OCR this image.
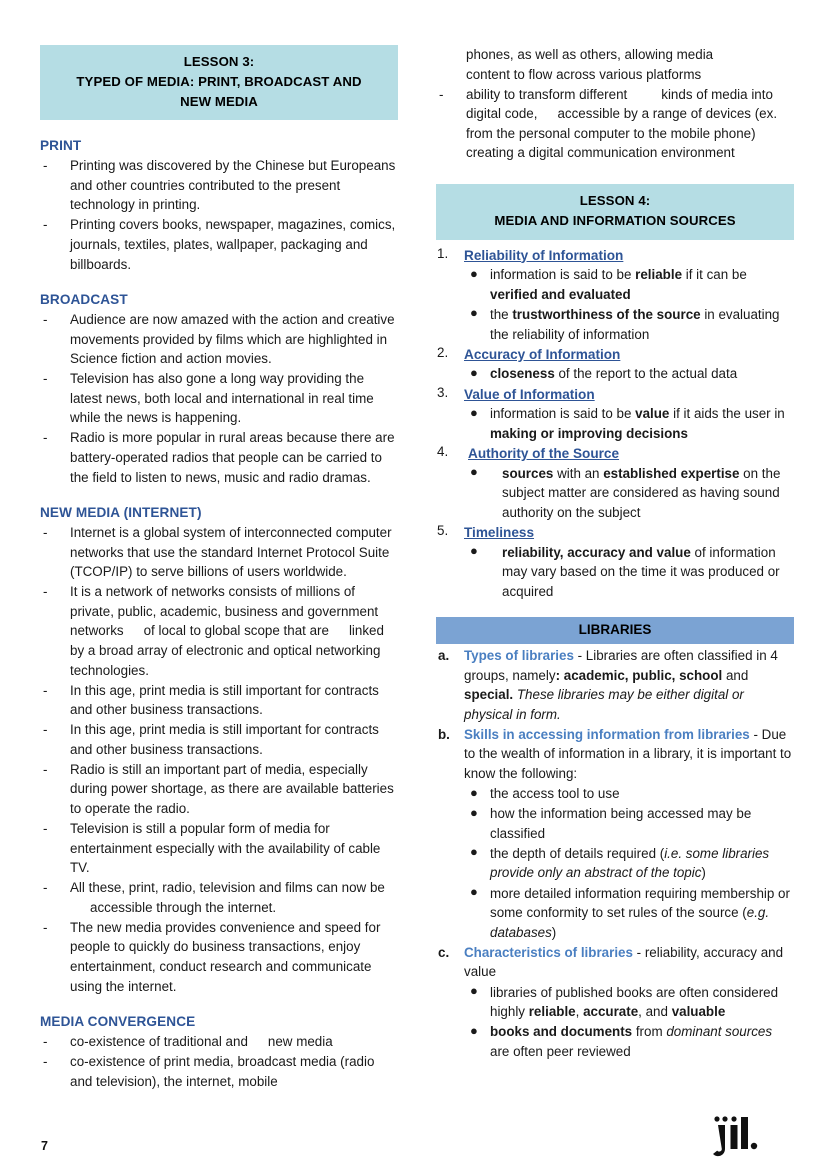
LESSON 3:
TYPED OF MEDIA: PRINT, BROADCAST AND
NEW MEDIA
PRINT
- Printing was discovered by the Chinese but Europeans and other countries contributed to the present technology in printing.
- Printing covers books, newspaper, magazines, comics, journals, textiles, plates, wallpaper, packaging and billboards.
BROADCAST
- Audience are now amazed with the action and creative movements provided by films which are highlighted in Science fiction and action movies.
- Television has also gone a long way providing the latest news, both local and international in real time while the news is happening.
- Radio is more popular in rural areas because there are battery-operated radios that people can be carried to the field to listen to news, music and radio dramas.
NEW MEDIA (INTERNET)
- Internet is a global system of interconnected computer networks that use the standard Internet Protocol Suite (TCOP/IP) to serve billions of users worldwide.
- It is a network of networks consists of millions of private, public, academic, business and government networks of local to global scope that are linked by a broad array of electronic and optical networking technologies.
- In this age, print media is still important for contracts and other business transactions.
- In this age, print media is still important for contracts and other business transactions.
- Radio is still an important part of media, especially during power shortage, as there are available batteries to operate the radio.
- Television is still a popular form of media for entertainment especially with the availability of cable TV.
- All these, print, radio, television and films can now beaccessible through the internet.
- The new media provides convenience and speed for people to quickly do business transactions, enjoy entertainment, conduct research and communicate using the internet.
MEDIA CONVERGENCE
- co-existence of traditional and new media
- co-existence of print media, broadcast media (radio and television), the internet, mobile
phones, as well as others, allowing media
content to flow across various platforms
- ability to transform different	kinds of media into digital code, accessible by a range of devices (ex. from the personal computer to the mobile phone) creating a digital communication environment
LESSON 4:
MEDIA AND INFORMATION SOURCES
1. Reliability of Information
● information is said to be reliable if it can be verified and evaluated
● the trustworthiness of the source in evaluating the reliability of information
2. Accuracy of Information
● closeness of the report to the actual data
3. Value of Information
● information is said to be value if it aids the user in making or improving decisions
4. Authority of the Source
● sources with an established expertise on the subject matter are considered as having sound authority on the subject
5. Timeliness
● reliability, accuracy and value of information may vary based on the time it was produced or acquired
LIBRARIES
a. Types of libraries - Libraries are often classified in 4 groups, namely: academic, public, school and special. These libraries may be either digital or physical in form.
b. Skills in accessing information from libraries - Due to the wealth of information in a library, it is important to know the following:
● the access tool to use
● how the information being accessed may be classified
● the depth of details required (i.e. some libraries provide only an abstract of the topic)
● more detailed information requiring membership or some conformity to set rules of the source (e.g. databases)
c. Characteristics of libraries - reliability, accuracy and value
● libraries of published books are often considered highly reliable, accurate, and valuable
● books and documents from dominant sources are often peer reviewed
7
